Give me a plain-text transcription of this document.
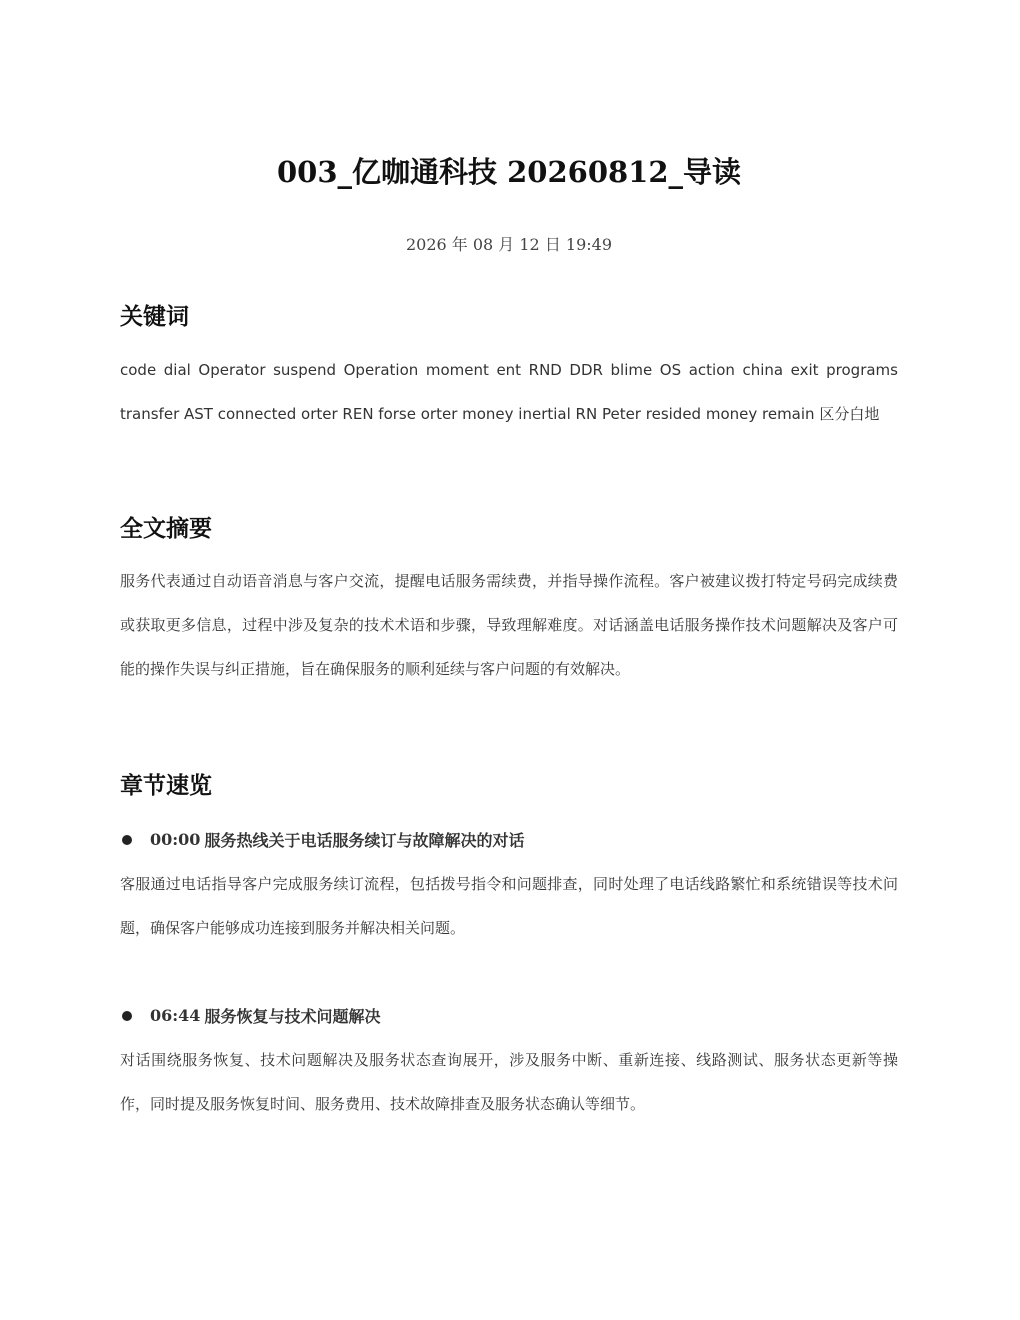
003_亿咖通科技 20260812_导读

2026 年 08 月 12 日 19:49

关键词

code dial Operator suspend Operation moment ent RND DDR blime OS action china exit programs transfer AST connected orter REN forse orter money inertial RN Peter resided money remain 区分白地

全文摘要

服务代表通过自动语音消息与客户交流，提醒电话服务需续费，并指导操作流程。客户被建议拨打特定号码完成续费或获取更多信息，过程中涉及复杂的技术术语和步骤，导致理解难度。对话涵盖电话服务操作技术问题解决及客户可能的操作失误与纠正措施，旨在确保服务的顺利延续与客户问题的有效解决。

章节速览
00:00 服务热线关于电话服务续订与故障解决的对话

客服通过电话指导客户完成服务续订流程，包括拨号指令和问题排查，同时处理了电话线路繁忙和系统错误等技术问题，确保客户能够成功连接到服务并解决相关问题。

06:44 服务恢复与技术问题解决

对话围绕服务恢复、技术问题解决及服务状态查询展开，涉及服务中断、重新连接、线路测试、服务状态更新等操作，同时提及服务恢复时间、服务费用、技术故障排查及服务状态确认等细节。
